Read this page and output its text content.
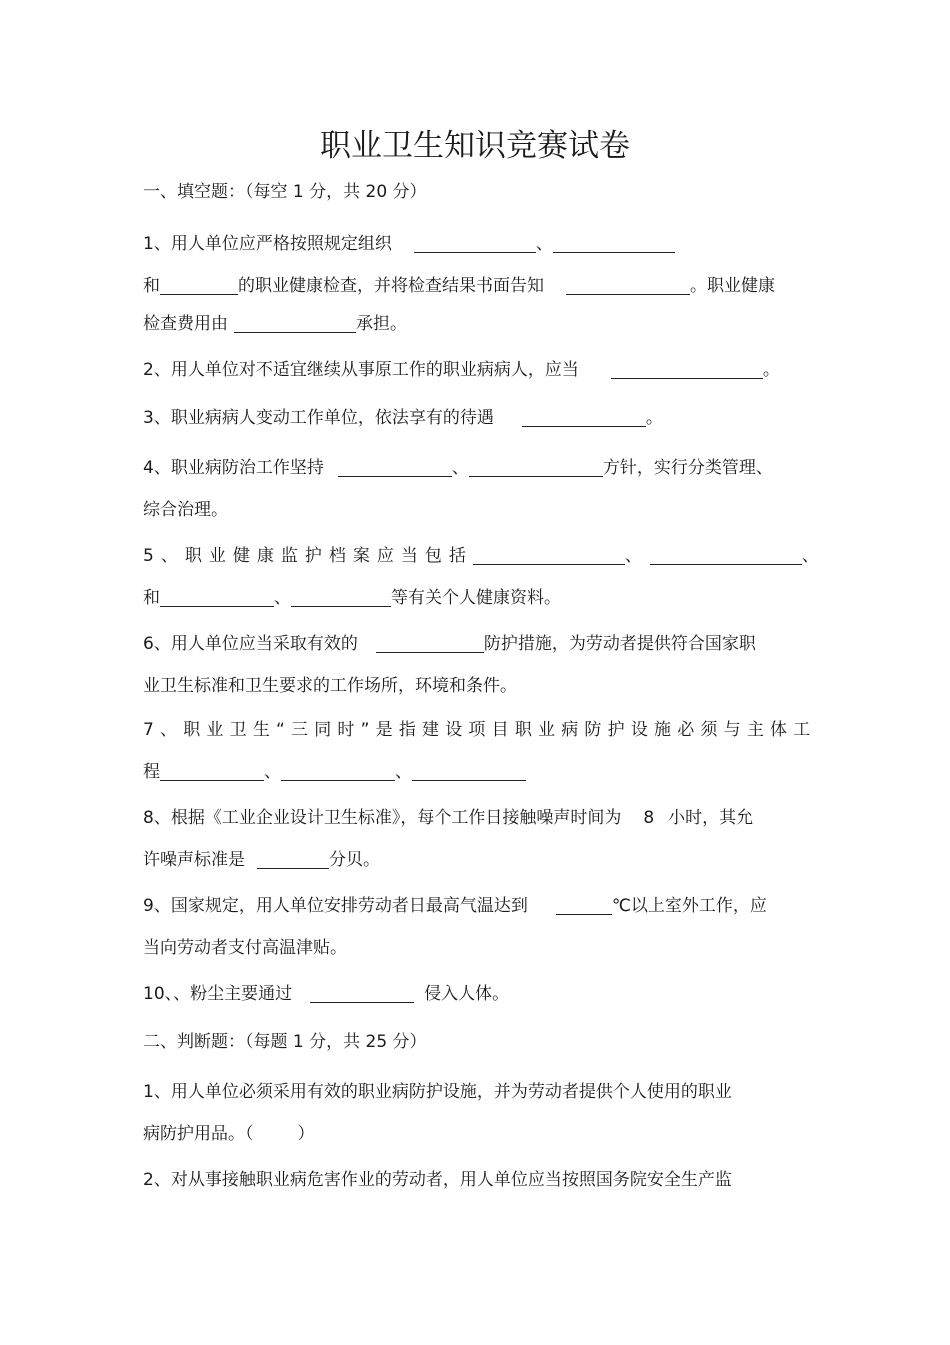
职业卫生知识竞赛试卷
一、填空题：（每空 1 分，共 20 分）
1、用人单位应严格按照规定组织	、
和	的职业健康检查，并将检查结果书面告知	。职业健康
检查费用由	承担。
2、用人单位对不适宜继续从事原工作的职业病病人，应当	。
3、职业病病人变动工作单位，依法享有的待遇	。
4、职业病防治工作坚持	、	方针，实行分类管理、
综合治理。
5、职业健康监护档案应当包括	、	、
和	、	等有关个人健康资料。
6、用人单位应当采取有效的	防护措施，为劳动者提供符合国家职
业卫生标准和卫生要求的工作场所，环境和条件。
7、职业卫生“三同时”是指建设项目职业病防护设施必须与主体工
程	、	、
8、根据《工业企业设计卫生标准》，每个工作日接触噪声时间为 8 小时，其允
许噪声标准是	分贝。
9、国家规定，用人单位安排劳动者日最高气温达到	℃以上室外工作，应
当向劳动者支付高温津贴。
10、、粉尘主要通过	侵入人体。
二、判断题：（每题 1 分，共 25 分）
1、用人单位必须采用有效的职业病防护设施，并为劳动者提供个人使用的职业
病防护用品。（	）
2、对从事接触职业病危害作业的劳动者，用人单位应当按照国务院安全生产监
